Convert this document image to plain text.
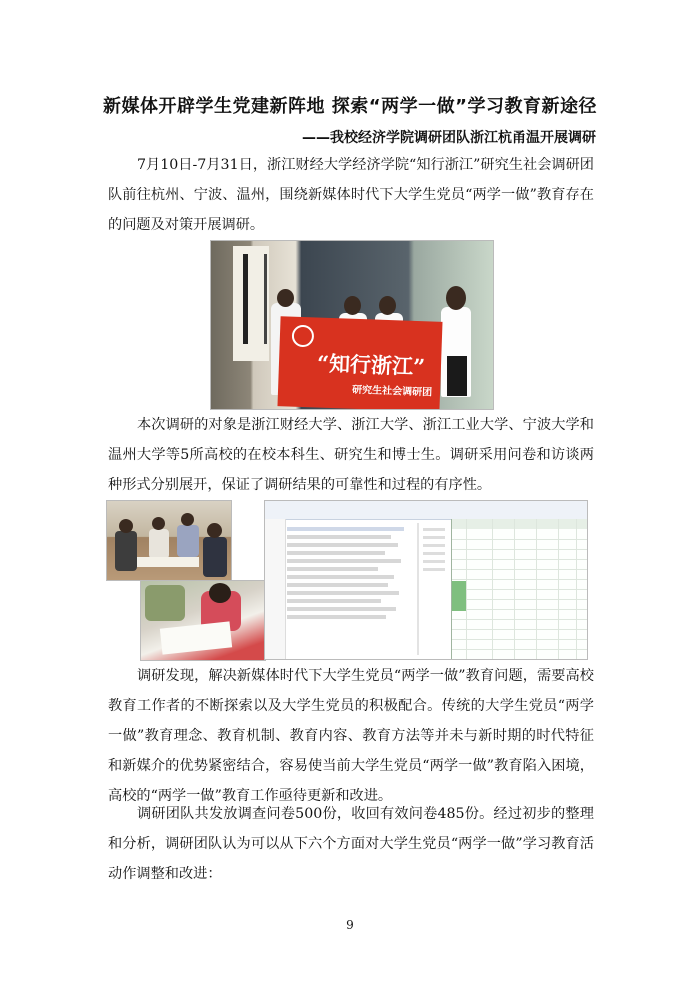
新媒体开辟学生党建新阵地 探索“两学一做”学习教育新途径
——我校经济学院调研团队浙江杭甬温开展调研

7月10日-7月31日，浙江财经大学经济学院“知行浙江”研究生社会调研团队前往杭州、宁波、温州，围绕新媒体时代下大学生党员“两学一做”教育存在的问题及对策开展调研。

“知行浙江”
研究生社会调研团

本次调研的对象是浙江财经大学、浙江大学、浙江工业大学、宁波大学和温州大学等5所高校的在校本科生、研究生和博士生。调研采用问卷和访谈两种形式分别展开，保证了调研结果的可靠性和过程的有序性。

调研发现，解决新媒体时代下大学生党员“两学一做”教育问题，需要高校教育工作者的不断探索以及大学生党员的积极配合。传统的大学生党员“两学一做”教育理念、教育机制、教育内容、教育方法等并未与新时期的时代特征和新媒介的优势紧密结合，容易使当前大学生党员“两学一做”教育陷入困境，高校的“两学一做”教育工作亟待更新和改进。

调研团队共发放调查问卷500份，收回有效问卷485份。经过初步的整理和分析，调研团队认为可以从下六个方面对大学生党员“两学一做”学习教育活动作调整和改进：

9
